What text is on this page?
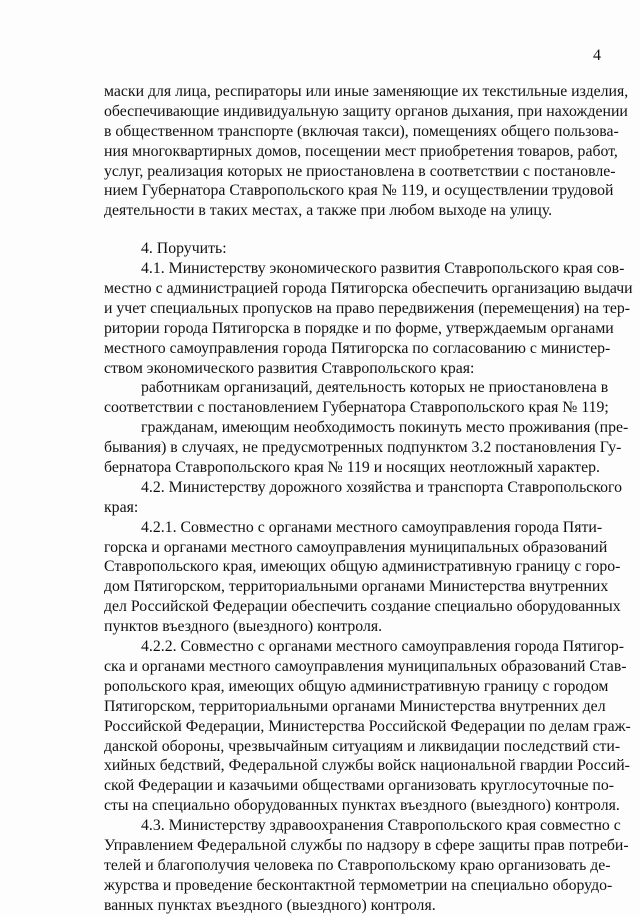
4
маски для лица, респираторы или иные заменяющие их текстильные изделия,
обеспечивающие индивидуальную защиту органов дыхания, при нахождении
в общественном транспорте (включая такси), помещениях общего пользова-
ния многоквартирных домов, посещении мест приобретения товаров, работ,
услуг, реализация которых не приостановлена в соответствии с постановле-
нием Губернатора Ставропольского края № 119, и осуществлении трудовой
деятельности в таких местах, а также при любом выходе на улицу.
4. Поручить:
4.1. Министерству экономического развития Ставропольского края сов-
местно с администрацией города Пятигорска обеспечить организацию выдачи
и учет специальных пропусков на право передвижения (перемещения) на тер-
ритории города Пятигорска в порядке и по форме, утверждаемым органами
местного самоуправления города Пятигорска по согласованию с министер-
ством экономического развития Ставропольского края:
работникам организаций, деятельность которых не приостановлена в
соответствии с постановлением Губернатора Ставропольского края № 119;
гражданам, имеющим необходимость покинуть место проживания (пре-
бывания) в случаях, не предусмотренных подпунктом 3.2 постановления Гу-
бернатора Ставропольского края № 119 и носящих неотложный характер.
4.2. Министерству дорожного хозяйства и транспорта Ставропольского
края:
4.2.1. Совместно с органами местного самоуправления города Пяти-
горска и органами местного самоуправления муниципальных образований
Ставропольского края, имеющих общую административную границу с горо-
дом Пятигорском, территориальными органами Министерства внутренних
дел Российской Федерации обеспечить создание специально оборудованных
пунктов въездного (выездного) контроля.
4.2.2. Совместно с органами местного самоуправления города Пятигор-
ска и органами местного самоуправления муниципальных образований Став-
ропольского края, имеющих общую административную границу с городом
Пятигорском, территориальными органами Министерства внутренних дел
Российской Федерации, Министерства Российской Федерации по делам граж-
данской обороны, чрезвычайным ситуациям и ликвидации последствий сти-
хийных бедствий, Федеральной службы войск национальной гвардии Россий-
ской Федерации и казачьими обществами организовать круглосуточные по-
сты на специально оборудованных пунктах въездного (выездного) контроля.
4.3. Министерству здравоохранения Ставропольского края совместно с
Управлением Федеральной службы по надзору в сфере защиты прав потреби-
телей и благополучия человека по Ставропольскому краю организовать де-
журства и проведение бесконтактной термометрии на специально оборудо-
ванных пунктах въездного (выездного) контроля.
